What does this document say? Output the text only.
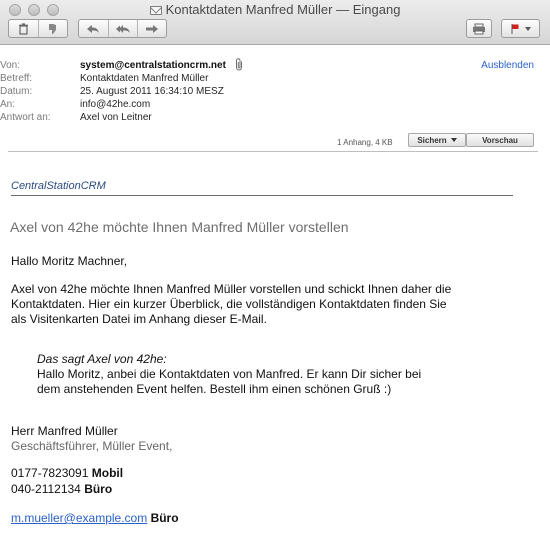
Kontaktdaten Manfred Müller — Eingang
Von:	system@centralstationcrm.net	Ausblenden
Betreff:	Kontaktdaten Manfred Müller
Datum:	25. August 2011 16:34:10 MESZ
An:	info@42he.com
Antwort an:	Axel von Leitner
1 Anhang, 4 KB	Sichern	Vorschau
CentralStationCRM
Axel von 42he möchte Ihnen Manfred Müller vorstellen
Hallo Moritz Machner,
Axel von 42he möchte Ihnen Manfred Müller vorstellen und schickt Ihnen daher die
Kontaktdaten. Hier ein kurzer Überblick, die vollständigen Kontaktdaten finden Sie
als Visitenkarten Datei im Anhang dieser E-Mail.
Das sagt Axel von 42he:
Hallo Moritz, anbei die Kontaktdaten von Manfred. Er kann Dir sicher bei
dem anstehenden Event helfen. Bestell ihm einen schönen Gruß :)
Herr Manfred Müller
Geschäftsführer, Müller Event,
0177-7823091 Mobil
040-2112134 Büro
m.mueller@example.com Büro
